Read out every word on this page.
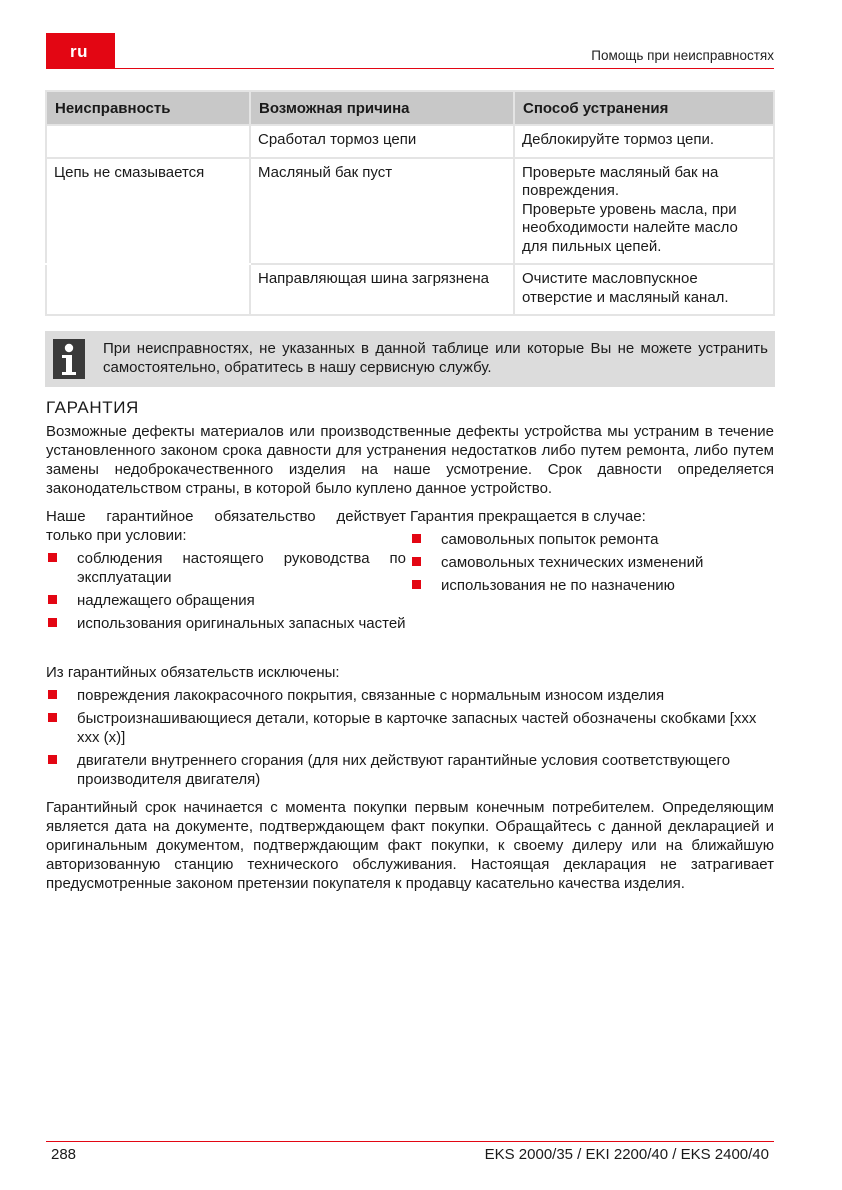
ru	Помощь при неисправностях
Неисправность	Возможная причина	Способ устранения
	Сработал тормоз цепи	Деблокируйте тормоз цепи.

Цепь не смазывается	Масляный бак пуст	Проверьте масляный бак на повреждения.
Проверьте уровень масла, при необходимости налейте масло для пильных цепей.

	Направляющая шина загрязнена	Очистите масловпускное отверстие и масляный канал.
При неисправностях, не указанных в данной таблице или которые Вы не можете устранить самостоятельно, обратитесь в нашу сервисную службу.
ГАРАНТИЯ

Возможные дефекты материалов или производственные дефекты устройства мы устраним в течение установленного законом срока давности для устранения недостатков либо путем ремонта, либо путем замены недоброкачественного изделия на наше усмотрение. Срок давности определяется законодательством страны, в которой было куплено данное устройство.

Наше гарантийное обязательство действует только при условии:

соблюдения настоящего руководства по эксплуатации
надлежащего обращения
использования оригинальных запасных частей

Гарантия прекращается в случае:

самовольных попыток ремонта
самовольных технических изменений
использования не по назначению

Из гарантийных обязательств исключены:

повреждения лакокрасочного покрытия, связанные с нормальным износом изделия
быстроизнашивающиеся детали, которые в карточке запасных частей обозначены скобками [xxx xxx (x)]
двигатели внутреннего сгорания (для них действуют гарантийные условия соответствующего производителя двигателя)

Гарантийный срок начинается с момента покупки первым конечным потребителем. Определяющим является дата на документе, подтверждающем факт покупки. Обращайтесь с данной декларацией и оригинальным документом, подтверждающим факт покупки, к своему дилеру или на ближайшую авторизованную станцию технического обслуживания. Настоящая декларация не затрагивает предусмотренные законом претензии покупателя к продавцу касательно качества изделия.

288	EKS 2000/35 / EKI 2200/40 / EKS 2400/40
